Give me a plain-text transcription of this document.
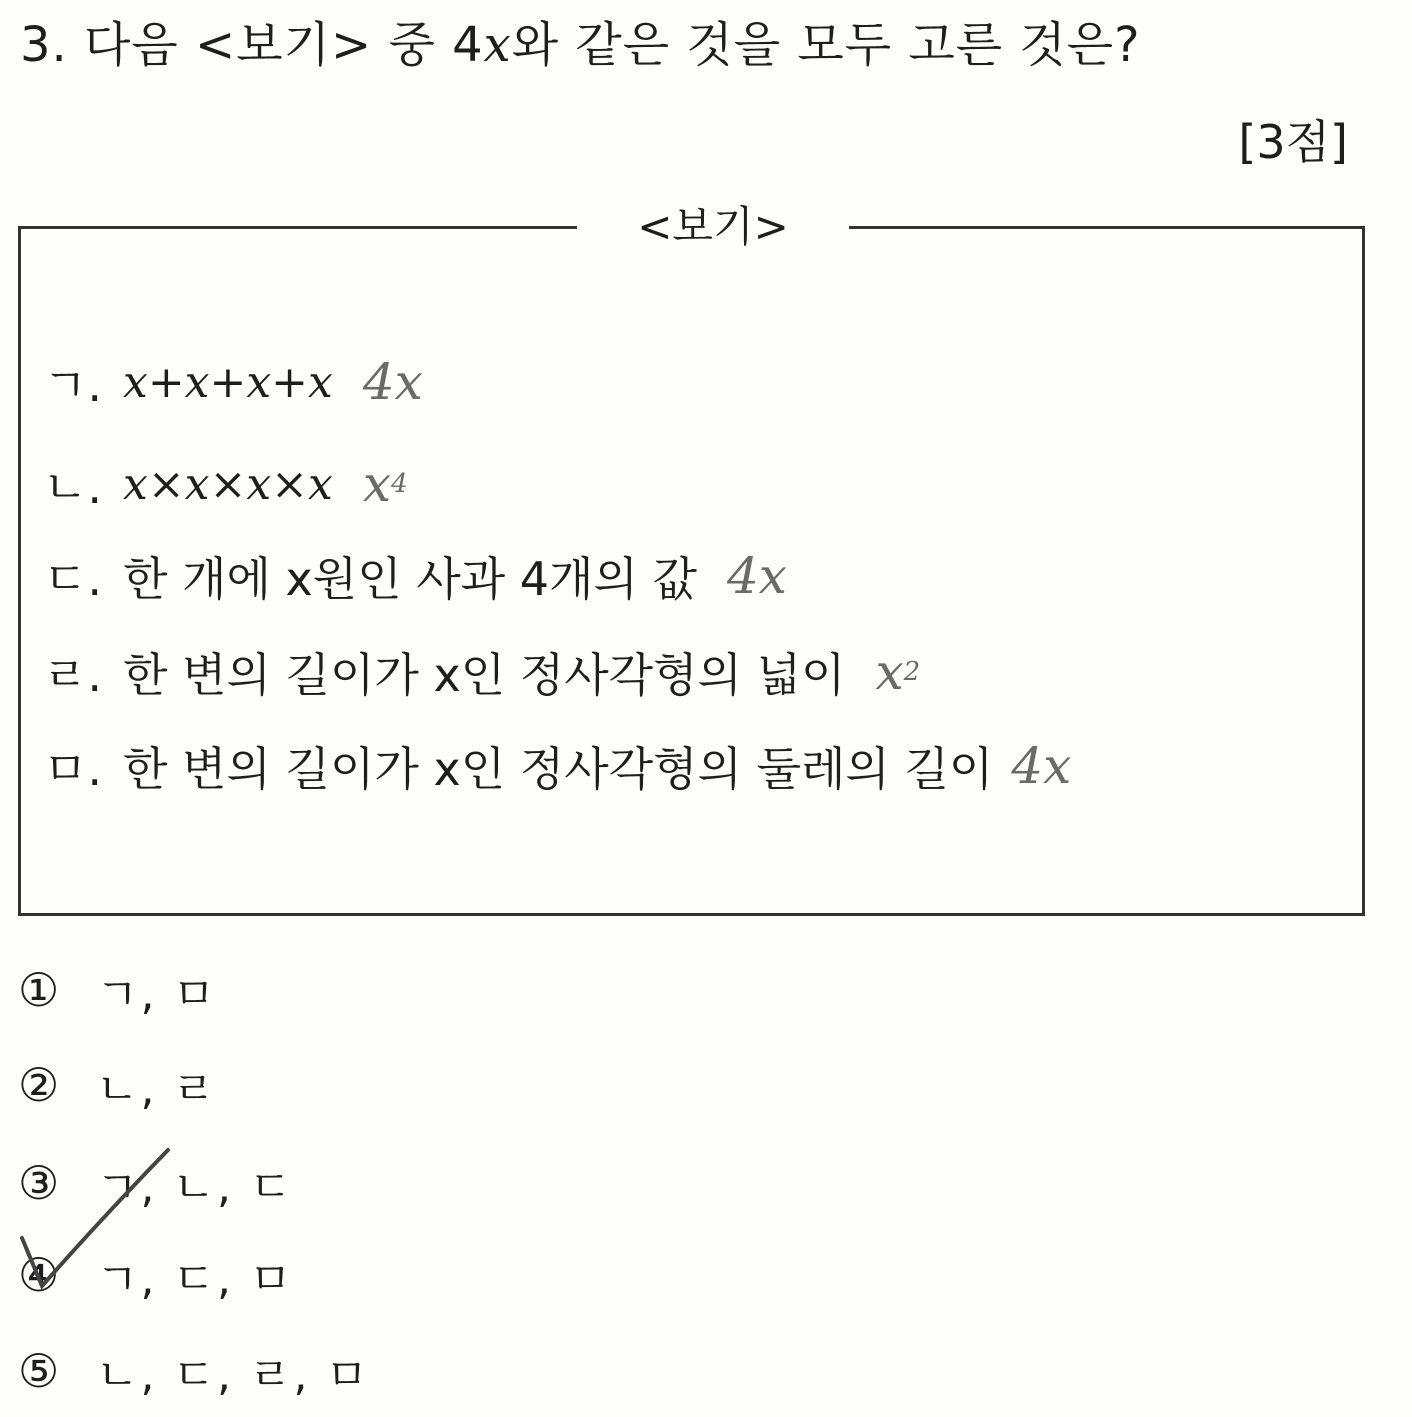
3. 다음 <보기> 중 4 x 와 같은 것을 모두 고른 것은?
[3점]
<보기>
ㄱ. x+x+x+x 4x
ㄴ. x×x×x×x x 4
ㄷ. 한 개에 x원인 사과 4개의 값 4x
ㄹ. 한 변의 길이가 x인 정사각형의 넓이 x 2
ㅁ. 한 변의 길이가 x인 정사각형의 둘레의 길이 4x
① ㄱ, ㅁ
② ㄴ, ㄹ
③ ㄱ, ㄴ, ㄷ
④ ㄱ, ㄷ, ㅁ
⑤ ㄴ, ㄷ, ㄹ, ㅁ
